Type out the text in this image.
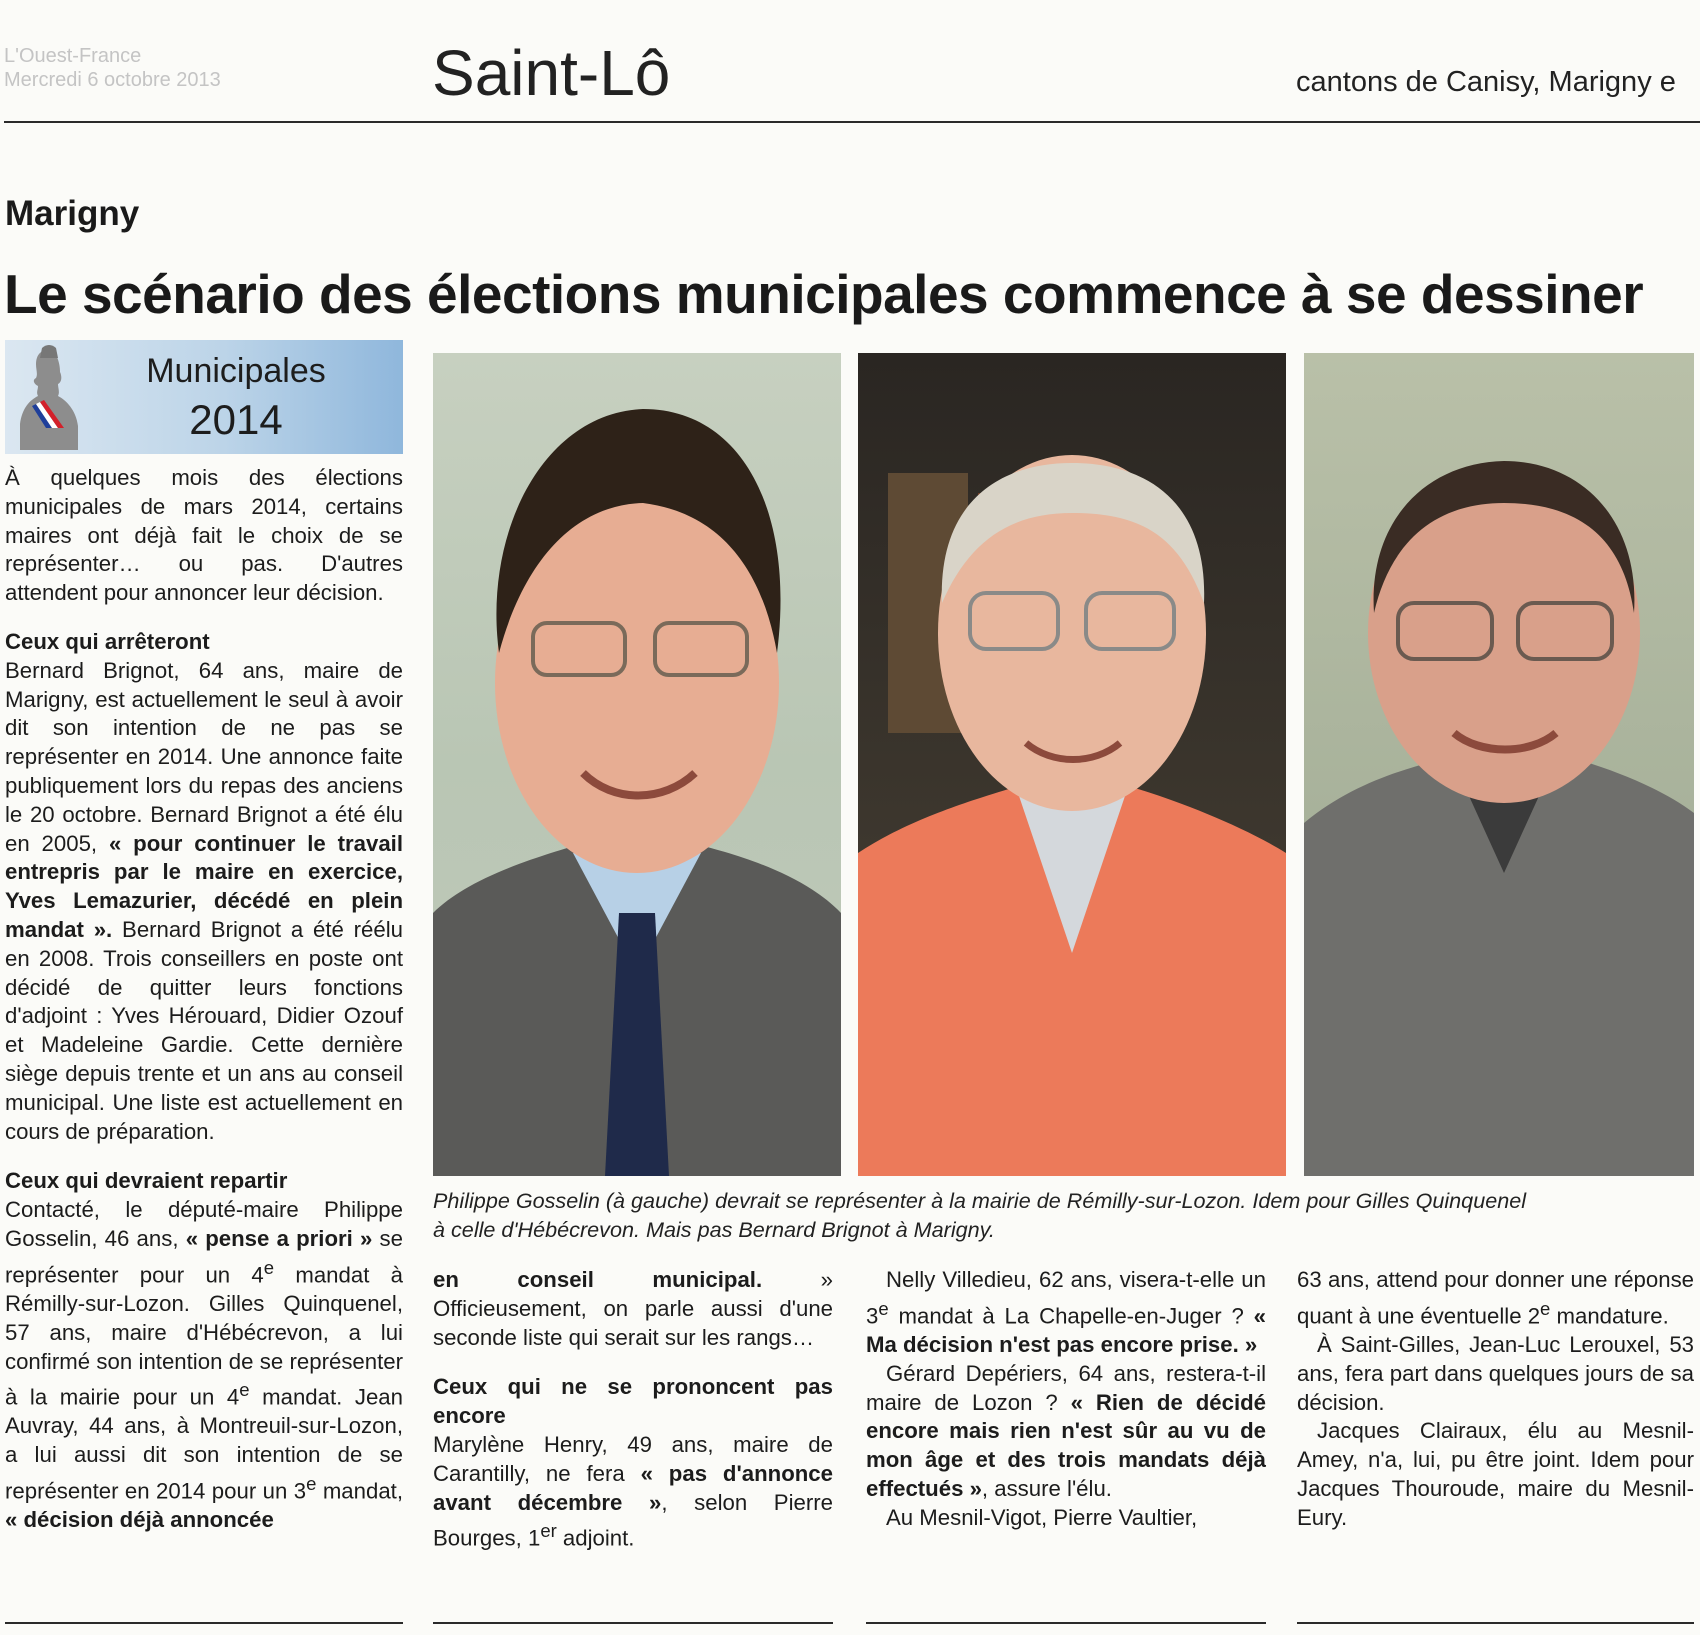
L'Ouest-France
Mercredi 6 octobre 2013	Saint-Lô	cantons de Canisy, Marigny e
Marigny
Le scénario des élections municipales commence à se dessiner
Municipales
2014

À quelques mois des élections municipales de mars 2014, certains maires ont déjà fait le choix de se représenter… ou pas. D'autres attendent pour annoncer leur décision.

Ceux qui arrêteront

Bernard Brignot, 64 ans, maire de Marigny, est actuellement le seul à avoir dit son intention de ne pas se représenter en 2014. Une annonce faite publiquement lors du repas des anciens le 20 octobre. Bernard Brignot a été élu en 2005, « pour continuer le travail entrepris par le maire en exercice, Yves Lemazurier, décédé en plein mandat ». Bernard Brignot a été réélu en 2008. Trois conseillers en poste ont décidé de quitter leurs fonctions d'adjoint : Yves Hérouard, Didier Ozouf et Madeleine Gardie. Cette dernière siège depuis trente et un ans au conseil municipal. Une liste est actuellement en cours de préparation.

Ceux qui devraient repartir

Contacté, le député-maire Philippe Gosselin, 46 ans, « pense a priori » se représenter pour un 4e mandat à Rémilly-sur-Lozon. Gilles Quinquenel, 57 ans, maire d'Hébécrevon, a lui confirmé son intention de se représenter à la mairie pour un 4e mandat. Jean Auvray, 44 ans, à Montreuil-sur-Lozon, a lui aussi dit son intention de se représenter en 2014 pour un 3e mandat, « décision déjà annoncée

Philippe Gosselin (à gauche) devrait se représenter à la mairie de Rémilly-sur-Lozon. Idem pour Gilles Quinquenel
à celle d'Hébécrevon. Mais pas Bernard Brignot à Marigny.

en conseil municipal. » Officieusement, on parle aussi d'une seconde liste qui serait sur les rangs…

Ceux qui ne se prononcent pas encore

Marylène Henry, 49 ans, maire de Carantilly, ne fera « pas d'annonce avant décembre », selon Pierre Bourges, 1er adjoint.

Nelly Villedieu, 62 ans, visera-t-elle un 3e mandat à La Chapelle-en-Juger ? « Ma décision n'est pas encore prise. »

Gérard Depériers, 64 ans, restera-t-il maire de Lozon ? « Rien de décidé encore mais rien n'est sûr au vu de mon âge et des trois mandats déjà effectués », assure l'élu.

Au Mesnil-Vigot, Pierre Vaultier,

63 ans, attend pour donner une réponse quant à une éventuelle 2e mandature.

À Saint-Gilles, Jean-Luc Lerouxel, 53 ans, fera part dans quelques jours de sa décision.

Jacques Clairaux, élu au Mesnil-Amey, n'a, lui, pu être joint. Idem pour Jacques Thouroude, maire du Mesnil-Eury.
